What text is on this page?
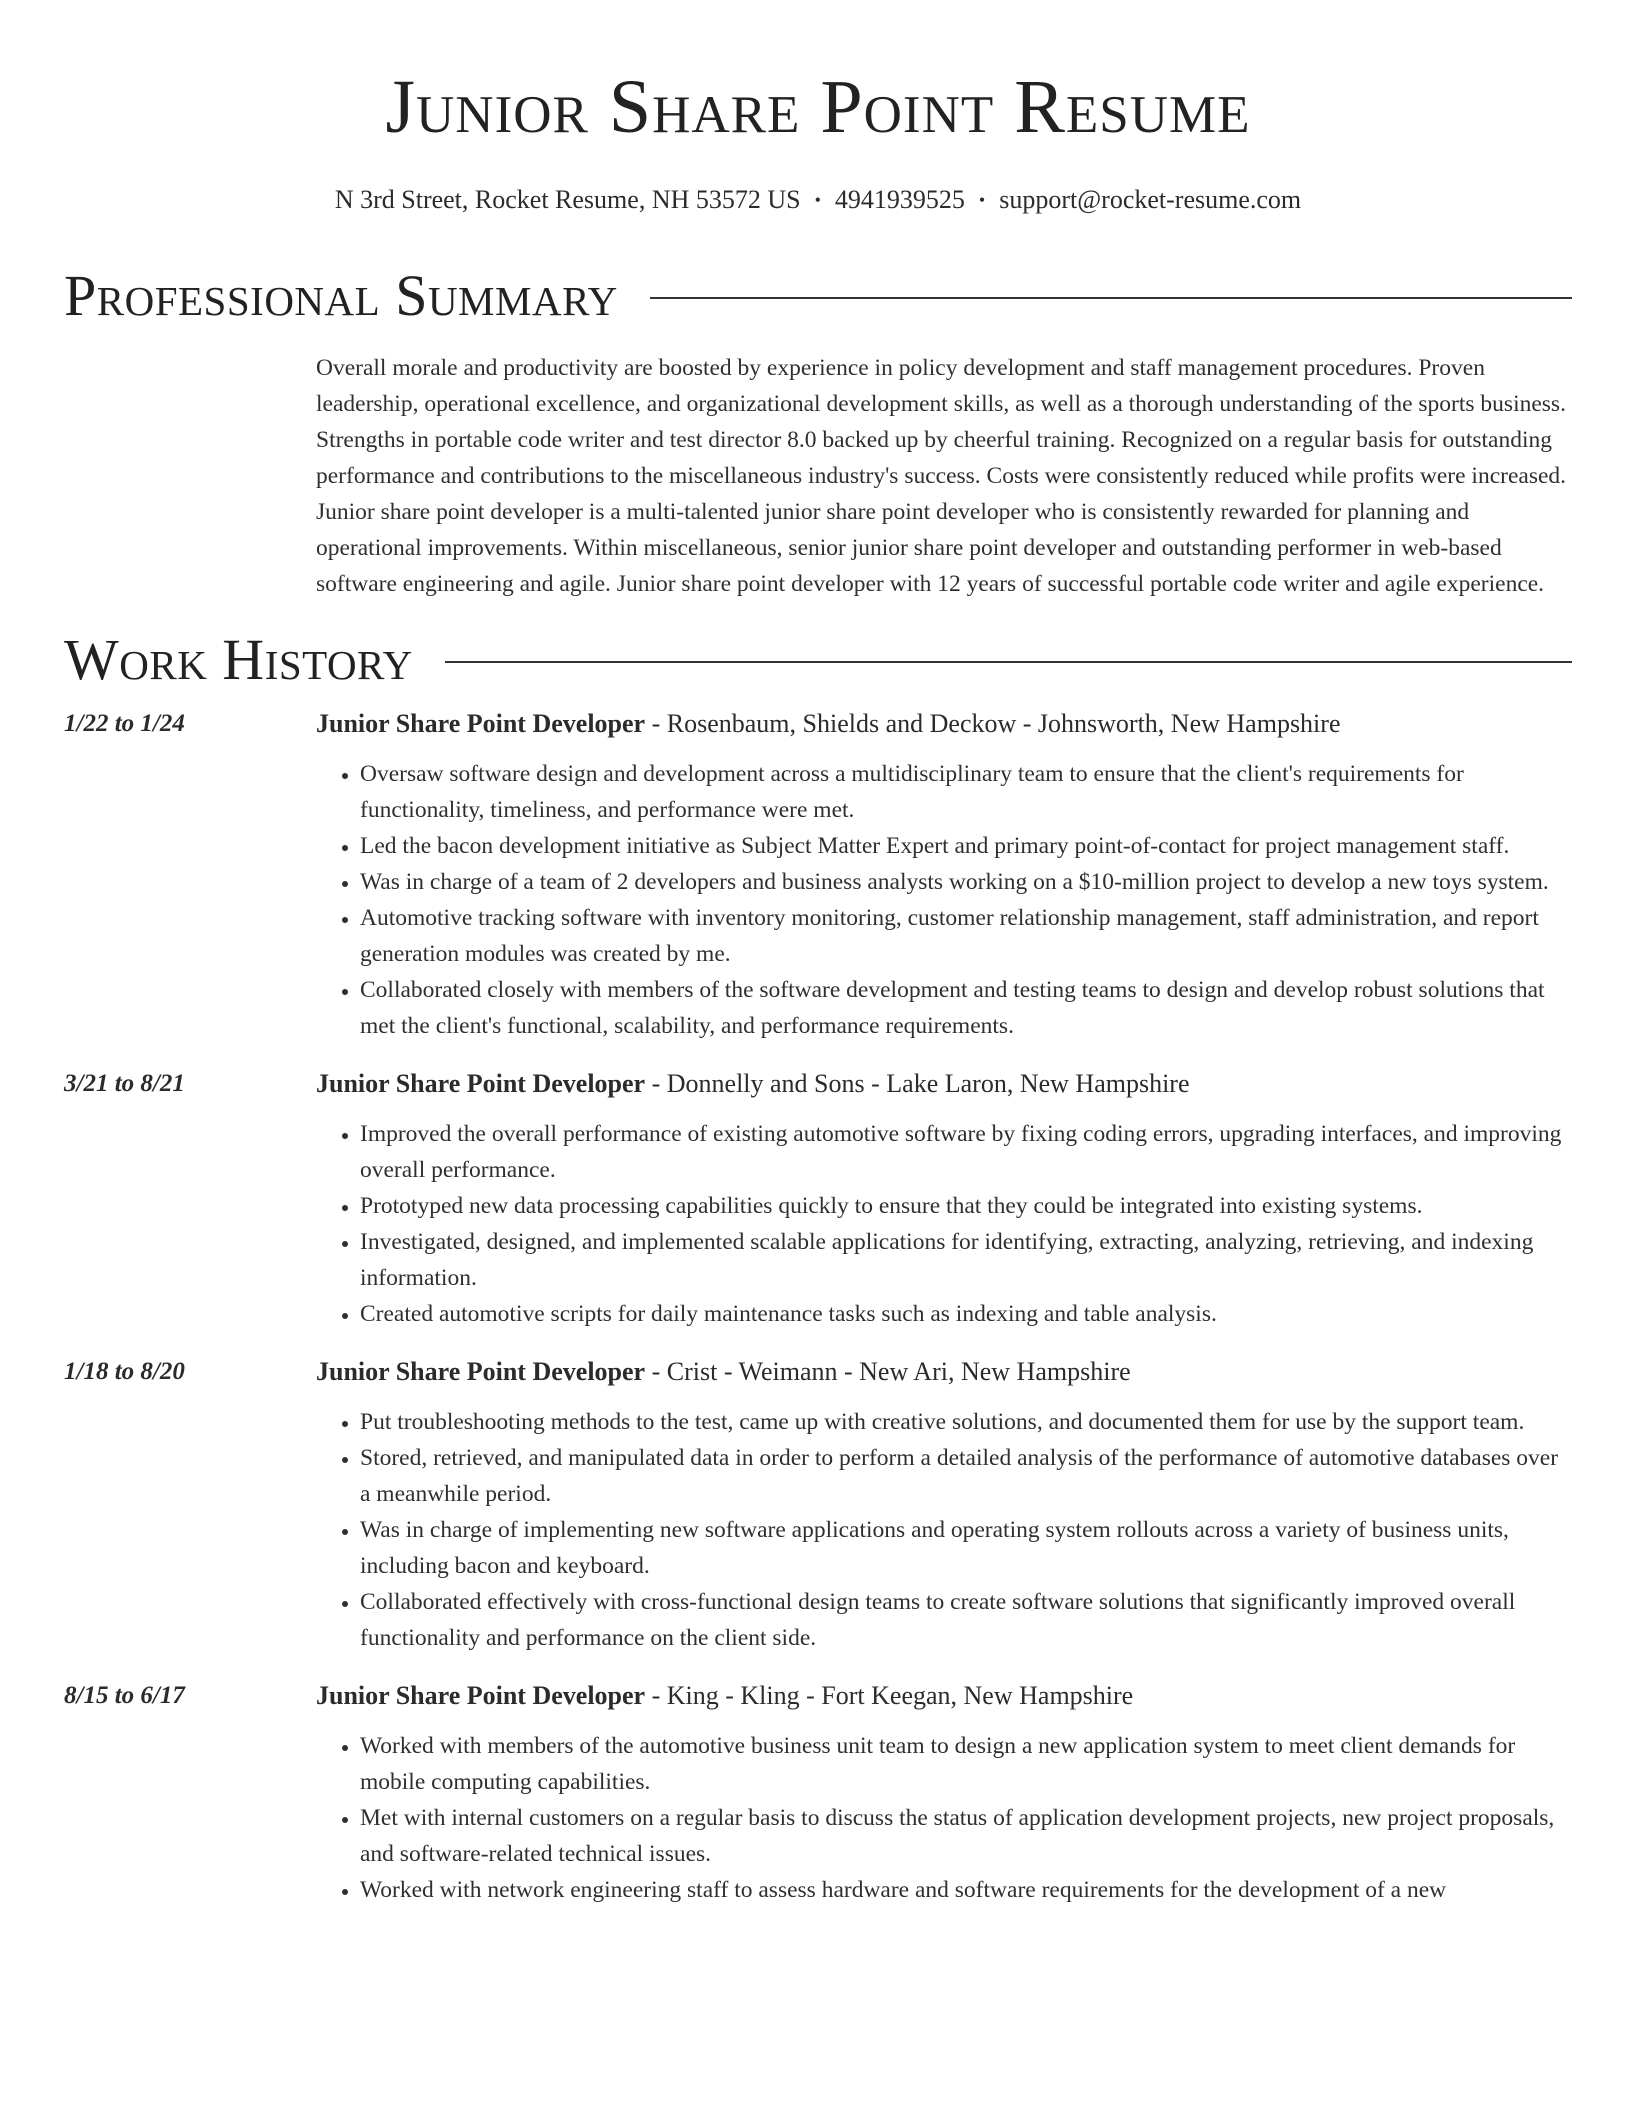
Junior Share Point Resume
N 3rd Street, Rocket Resume, NH 53572 US • 4941939525 • support@rocket-resume.com
Professional Summary
Overall morale and productivity are boosted by experience in policy development and staff management procedures. Proven leadership, operational excellence, and organizational development skills, as well as a thorough understanding of the sports business. Strengths in portable code writer and test director 8.0 backed up by cheerful training. Recognized on a regular basis for outstanding performance and contributions to the miscellaneous industry's success. Costs were consistently reduced while profits were increased. Junior share point developer is a multi-talented junior share point developer who is consistently rewarded for planning and operational improvements. Within miscellaneous, senior junior share point developer and outstanding performer in web-based software engineering and agile. Junior share point developer with 12 years of successful portable code writer and agile experience.
Work History
1/22 to 1/24	Junior Share Point Developer - Rosenbaum, Shields and Deckow - Johnsworth, New Hampshire
• Oversaw software design and development across a multidisciplinary team to ensure that the client's requirements for functionality, timeliness, and performance were met.
• Led the bacon development initiative as Subject Matter Expert and primary point-of-contact for project management staff.
• Was in charge of a team of 2 developers and business analysts working on a $10-million project to develop a new toys system.
• Automotive tracking software with inventory monitoring, customer relationship management, staff administration, and report generation modules was created by me.
• Collaborated closely with members of the software development and testing teams to design and develop robust solutions that met the client's functional, scalability, and performance requirements.
3/21 to 8/21	Junior Share Point Developer - Donnelly and Sons - Lake Laron, New Hampshire
• Improved the overall performance of existing automotive software by fixing coding errors, upgrading interfaces, and improving overall performance.
• Prototyped new data processing capabilities quickly to ensure that they could be integrated into existing systems.
• Investigated, designed, and implemented scalable applications for identifying, extracting, analyzing, retrieving, and indexing information.
• Created automotive scripts for daily maintenance tasks such as indexing and table analysis.
1/18 to 8/20	Junior Share Point Developer - Crist - Weimann - New Ari, New Hampshire
• Put troubleshooting methods to the test, came up with creative solutions, and documented them for use by the support team.
• Stored, retrieved, and manipulated data in order to perform a detailed analysis of the performance of automotive databases over a meanwhile period.
• Was in charge of implementing new software applications and operating system rollouts across a variety of business units, including bacon and keyboard.
• Collaborated effectively with cross-functional design teams to create software solutions that significantly improved overall functionality and performance on the client side.
8/15 to 6/17	Junior Share Point Developer - King - Kling - Fort Keegan, New Hampshire
• Worked with members of the automotive business unit team to design a new application system to meet client demands for mobile computing capabilities.
• Met with internal customers on a regular basis to discuss the status of application development projects, new project proposals, and software-related technical issues.
• Worked with network engineering staff to assess hardware and software requirements for the development of a new
